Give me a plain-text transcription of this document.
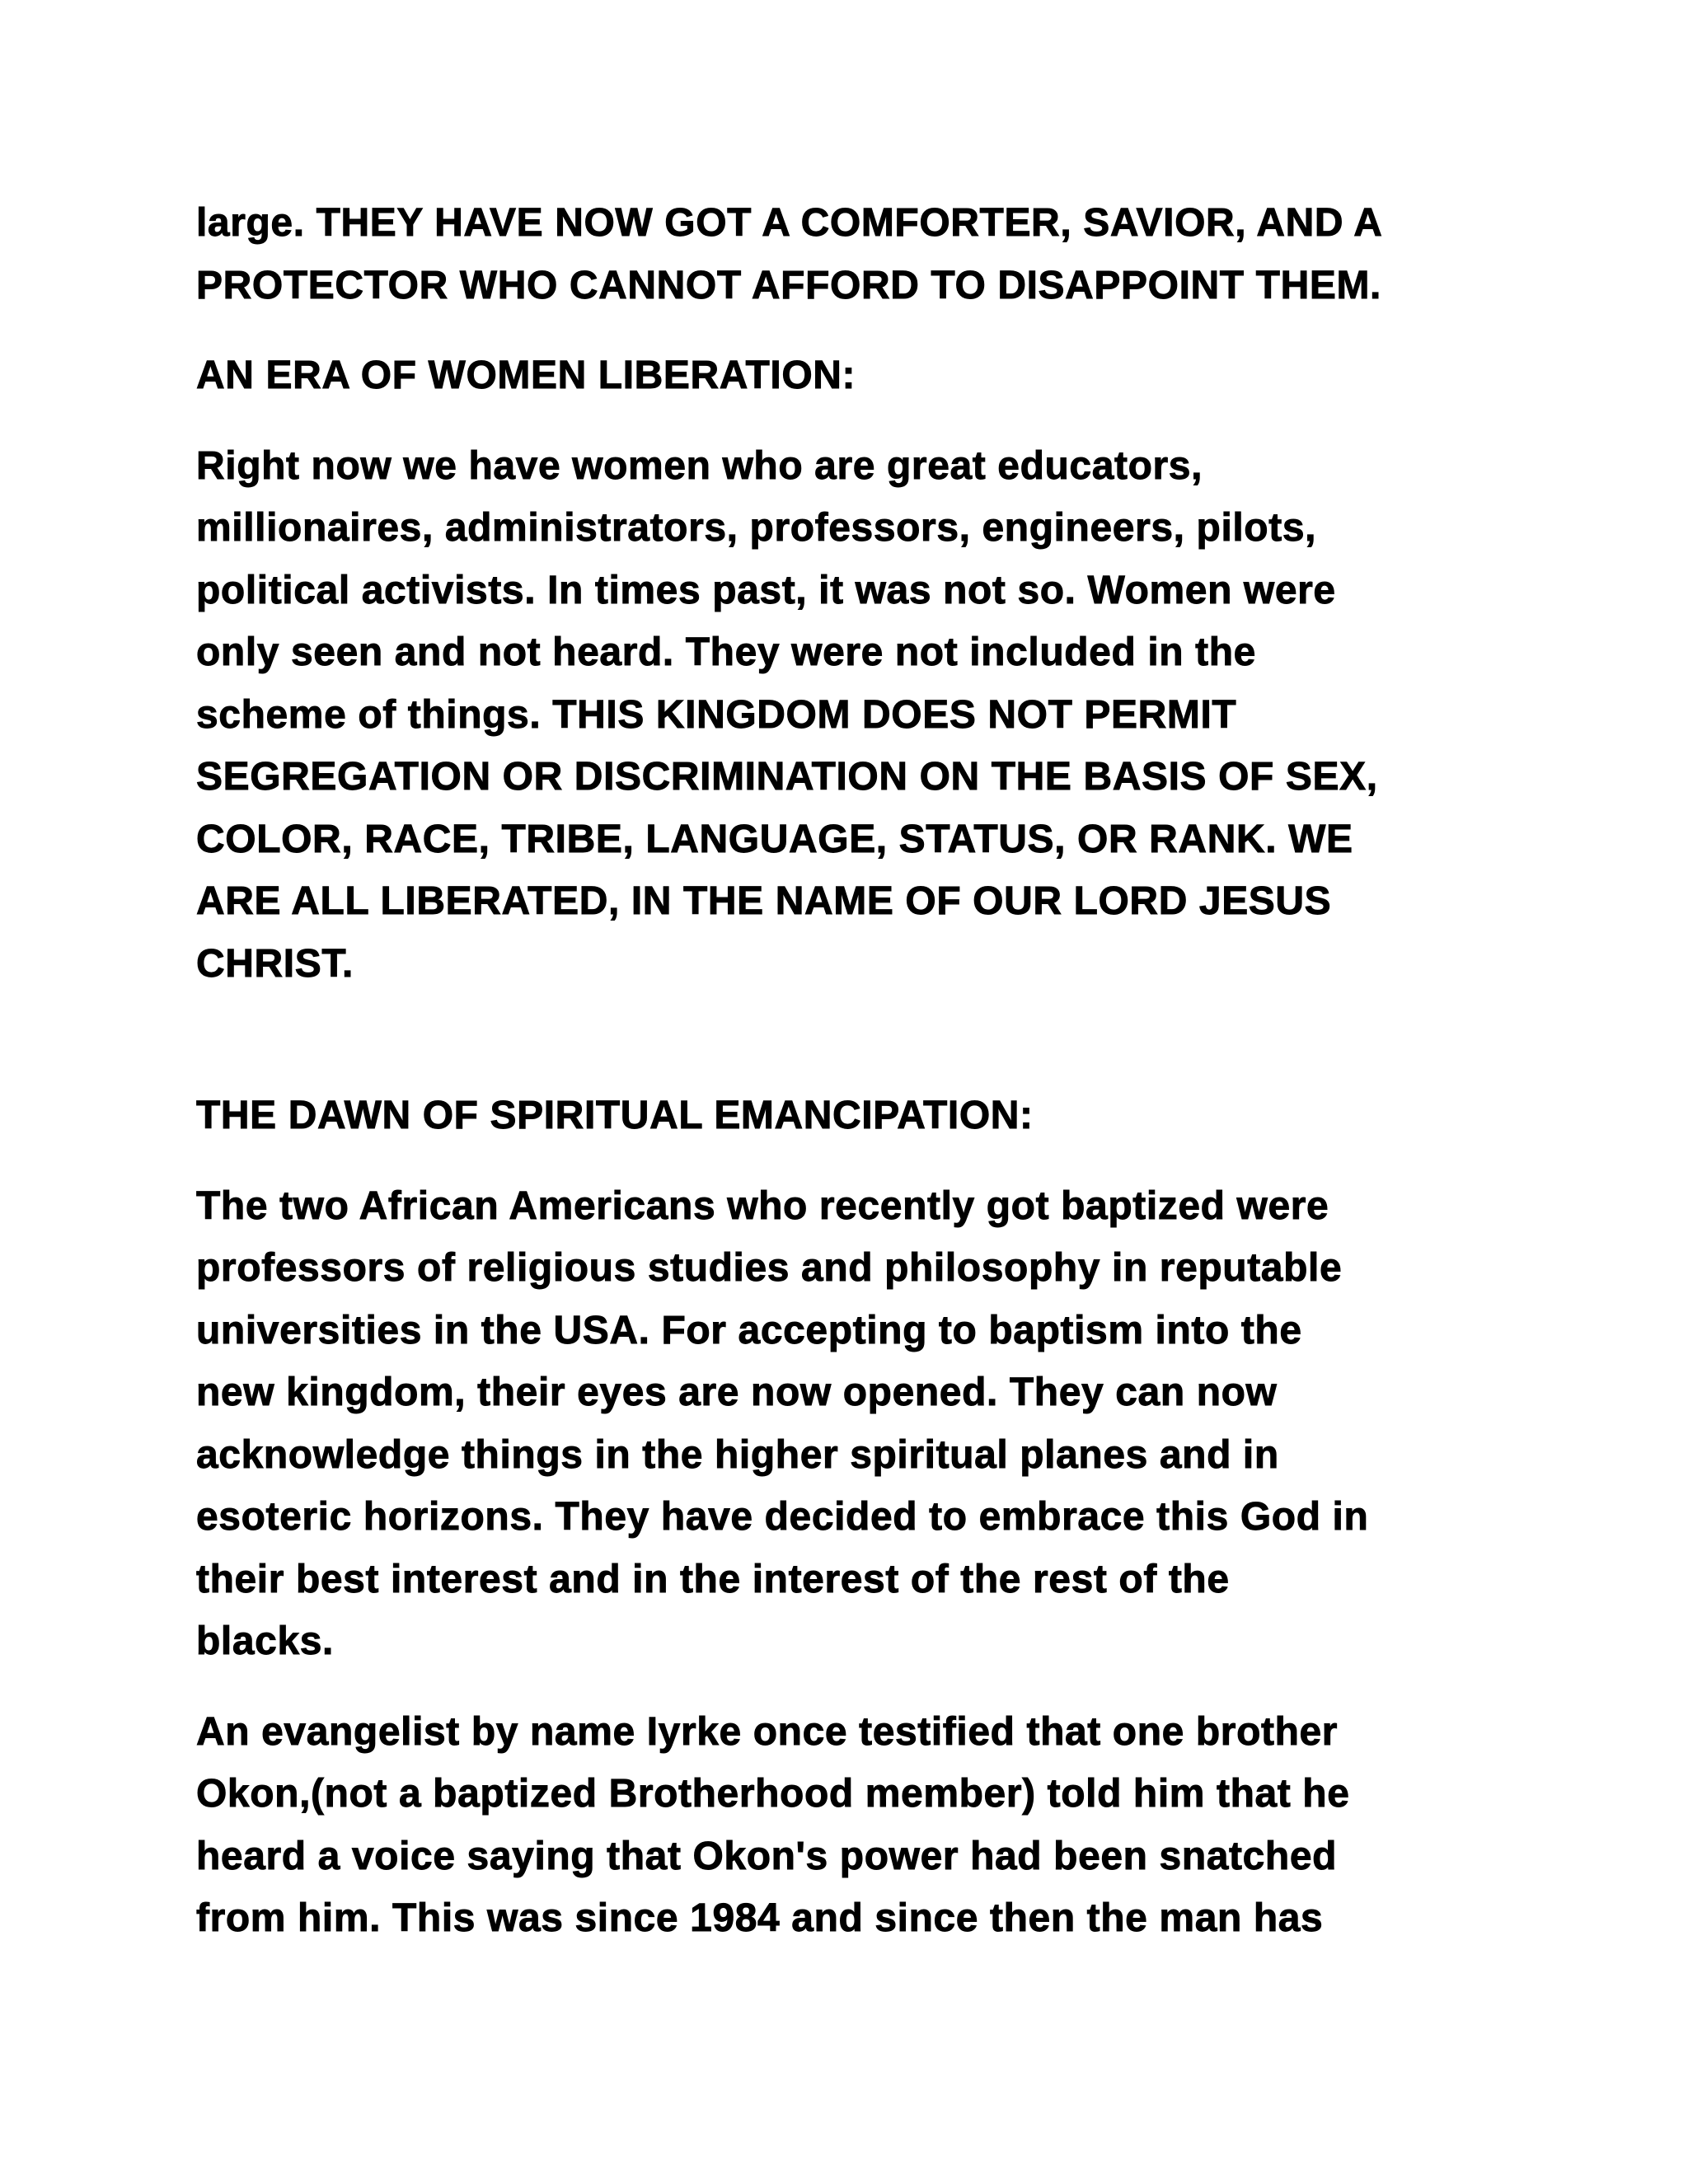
large. THEY HAVE NOW GOT A COMFORTER, SAVIOR, AND A
PROTECTOR WHO CANNOT AFFORD TO DISAPPOINT THEM.
AN ERA OF WOMEN LIBERATION:
Right now we have women who are great educators,
millionaires, administrators, professors, engineers, pilots,
political activists. In times past, it was not so. Women were
only seen and not heard. They were not included in the
scheme of things. THIS KINGDOM DOES NOT PERMIT
SEGREGATION OR DISCRIMINATION ON THE BASIS OF SEX,
COLOR, RACE, TRIBE, LANGUAGE, STATUS, OR RANK. WE
ARE ALL LIBERATED, IN THE NAME OF OUR LORD JESUS
CHRIST.
THE DAWN OF SPIRITUAL EMANCIPATION:
The two African Americans who recently got baptized were
professors of religious studies and philosophy in reputable
universities in the USA. For accepting to baptism into the
new kingdom, their eyes are now opened. They can now
acknowledge things in the higher spiritual planes and in
esoteric horizons. They have decided to embrace this God in
their best interest and in the interest of the rest of the
blacks.
An evangelist by name Iyrke once testified that one brother
Okon,(not a baptized Brotherhood member) told him that he
heard a voice saying that Okon's power had been snatched
from him. This was since 1984 and since then the man has
